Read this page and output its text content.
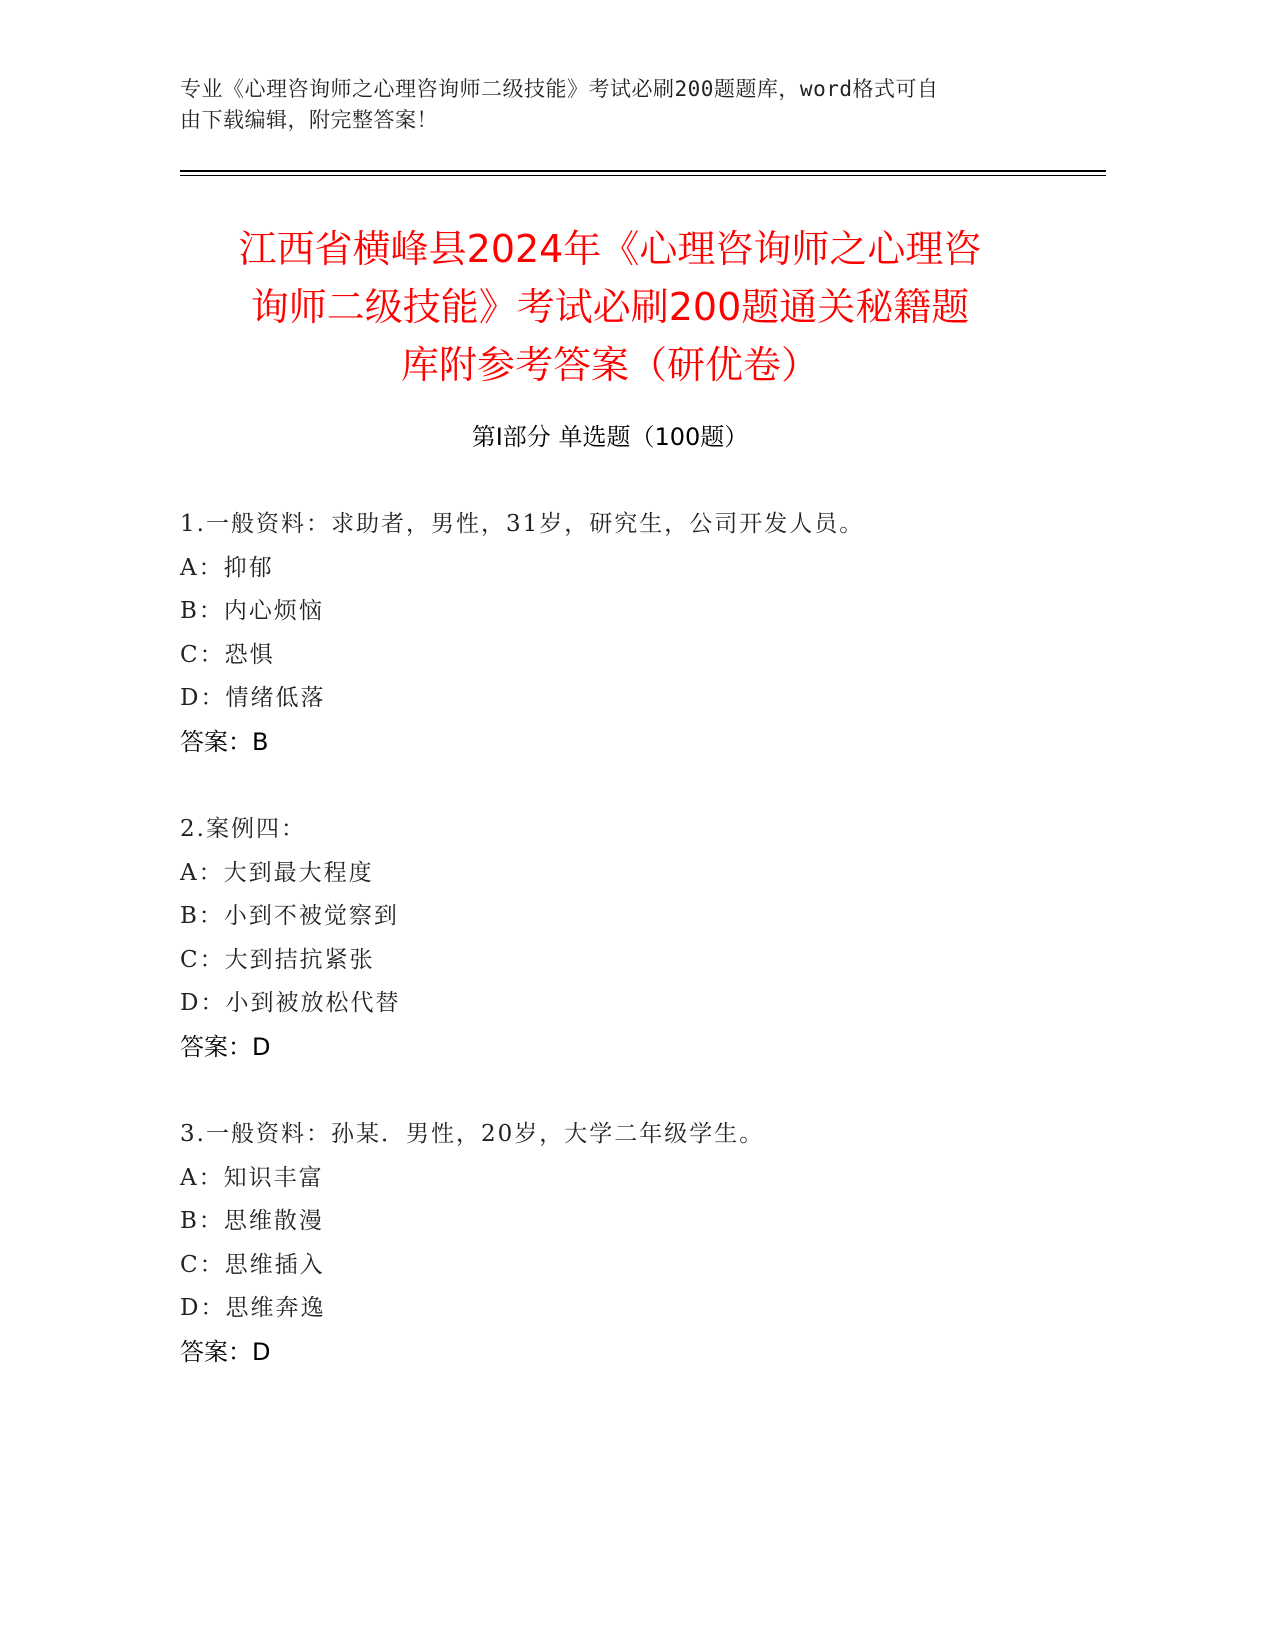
专业《心理咨询师之心理咨询师二级技能》考试必刷200题题库，word格式可自
由下载编辑，附完整答案！
江西省横峰县2024年《心理咨询师之心理咨
询师二级技能》考试必刷200题通关秘籍题
库附参考答案（研优卷）
第Ⅰ部分 单选题（100题）
1.一般资料：求助者，男性，31岁，研究生，公司开发人员。
A：抑郁
B：内心烦恼
C：恐惧
D：情绪低落
答案：B
2.案例四：
A：大到最大程度
B：小到不被觉察到
C：大到拮抗紧张
D：小到被放松代替
答案：D
3.一般资料：孙某．男性，20岁，大学二年级学生。
A：知识丰富
B：思维散漫
C：思维插入
D：思维奔逸
答案：D
